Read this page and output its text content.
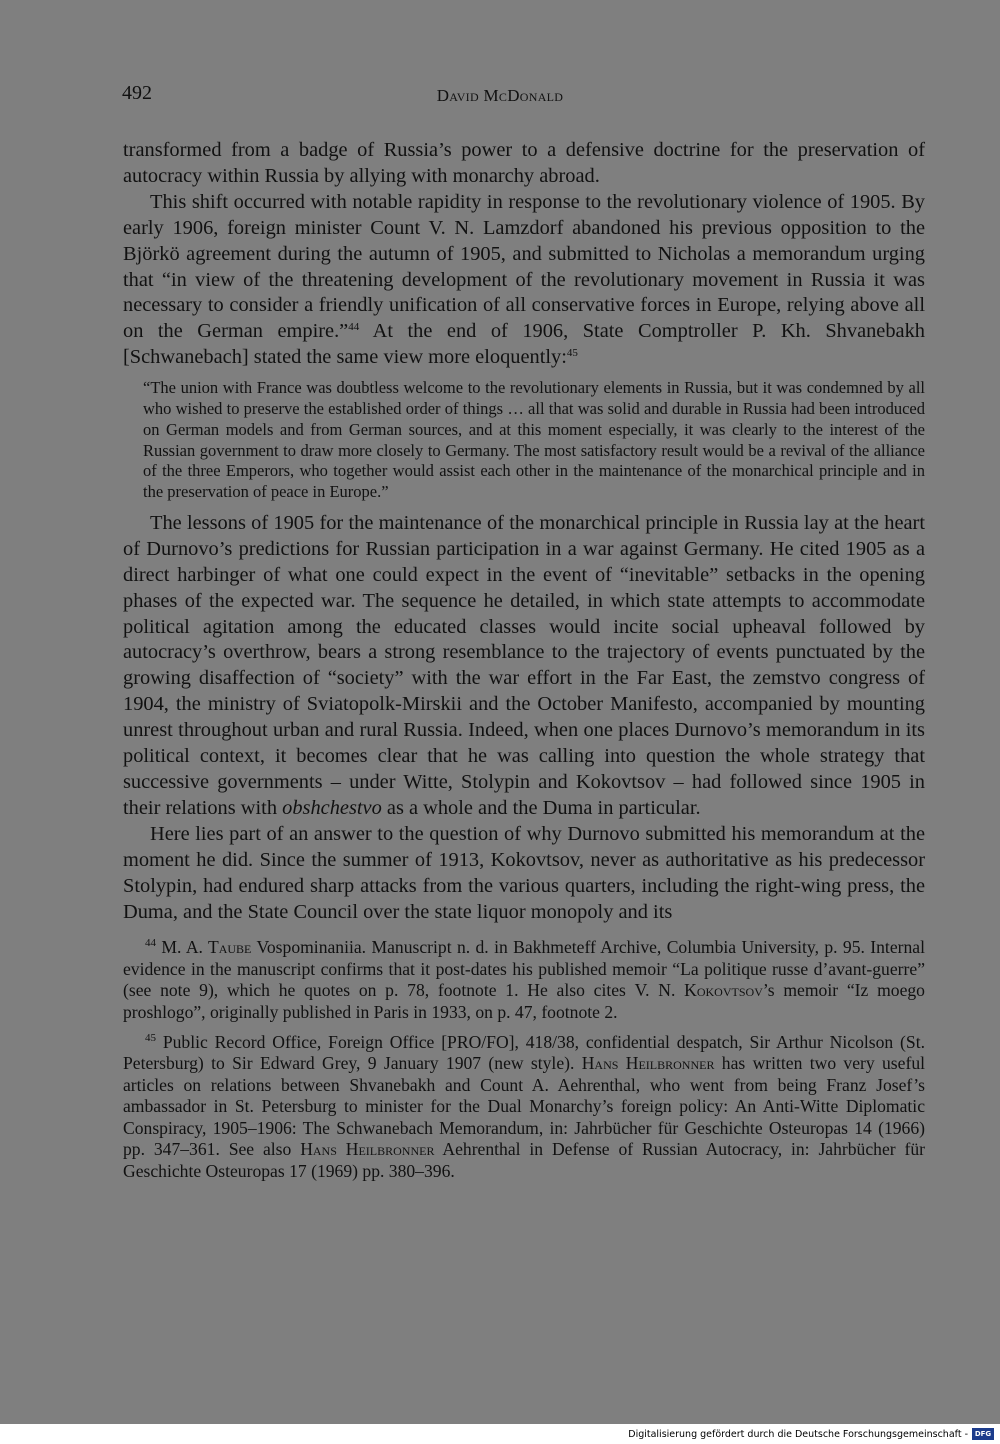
492	David McDonald

transformed from a badge of Russia’s power to a defensive doctrine for the preservation of autocracy within Russia by allying with monarchy abroad.

This shift occurred with notable rapidity in response to the revolutionary violence of 1905. By early 1906, foreign minister Count V. N. Lamzdorf abandoned his previous opposition to the Björkö agreement during the autumn of 1905, and submitted to Nicholas a memorandum urging that “in view of the threatening development of the revolutionary movement in Russia it was necessary to consider a friendly unification of all conservative forces in Europe, relying above all on the German empire.”$^{44}$ At the end of 1906, State Comptroller P. Kh. Shvanebakh [Schwanebach] stated the same view more eloquently:$^{45}$

“The union with France was doubtless welcome to the revolutionary elements in Russia, but it was condemned by all who wished to preserve the established order of things … all that was solid and durable in Russia had been introduced on German models and from German sources, and at this moment especially, it was clearly to the interest of the Russian government to draw more closely to Germany. The most satisfactory result would be a revival of the alliance of the three Emperors, who together would assist each other in the maintenance of the monarchical principle and in the preservation of peace in Europe.”

The lessons of 1905 for the maintenance of the monarchical principle in Russia lay at the heart of Durnovo’s predictions for Russian participation in a war against Germany. He cited 1905 as a direct harbinger of what one could expect in the event of “inevitable” setbacks in the opening phases of the expected war. The sequence he detailed, in which state attempts to accommodate political agitation among the educated classes would incite social upheaval followed by autocracy’s overthrow, bears a strong resemblance to the trajectory of events punctuated by the growing disaffection of “society” with the war effort in the Far East, the zemstvo congress of 1904, the ministry of Sviatopolk-Mirskii and the October Manifesto, accompanied by mounting unrest throughout urban and rural Russia. Indeed, when one places Durnovo’s memorandum in its political context, it becomes clear that he was calling into question the whole strategy that successive governments – under Witte, Stolypin and Kokovtsov – had followed since 1905 in their relations with obshchestvo as a whole and the Duma in particular.

Here lies part of an answer to the question of why Durnovo submitted his memorandum at the moment he did. Since the summer of 1913, Kokovtsov, never as authoritative as his predecessor Stolypin, had endured sharp attacks from the various quarters, including the right-wing press, the Duma, and the State Council over the state liquor monopoly and its

$^{44}$ M. A. Taube Vospominaniia. Manuscript n. d. in Bakhmeteff Archive, Columbia University, p. 95. Internal evidence in the manuscript confirms that it post-dates his published memoir “La politique russe d’avant-guerre” (see note 9), which he quotes on p. 78, footnote 1. He also cites V. N. Kokovtsov’s memoir “Iz moego proshlogo”, originally published in Paris in 1933, on p. 47, footnote 2.

$^{45}$ Public Record Office, Foreign Office [PRO/FO], 418/38, confidential despatch, Sir Arthur Nicolson (St. Petersburg) to Sir Edward Grey, 9 January 1907 (new style). Hans Heilbronner has written two very useful articles on relations between Shvanebakh and Count A. Aehrenthal, who went from being Franz Josef’s ambassador in St. Petersburg to minister for the Dual Monarchy’s foreign policy: An Anti-Witte Diplomatic Conspiracy, 1905–1906: The Schwanebach Memorandum, in: Jahrbücher für Geschichte Osteuropas 14 (1966) pp. 347–361. See also Hans Heilbronner Aehrenthal in Defense of Russian Autocracy, in: Jahrbücher für Geschichte Osteuropas 17 (1969) pp. 380–396.

Digitalisierung gefördert durch die Deutsche Forschungsgemeinschaft - DFG
